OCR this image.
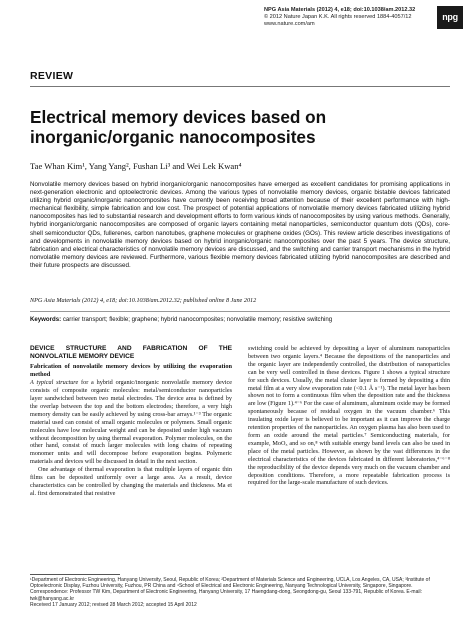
NPG Asia Materials (2012) 4, e18; doi:10.1038/am.2012.32
© 2012 Nature Japan K.K. All rights reserved 1884-4057/12
www.nature.com/am
npg
REVIEW
Electrical memory devices based on inorganic/organic nanocomposites
Tae Whan Kim¹, Yang Yang², Fushan Li³ and Wei Lek Kwan⁴
Nonvolatile memory devices based on hybrid inorganic/organic nanocomposites have emerged as excellent candidates for promising applications in next-generation electronic and optoelectronic devices. Among the various types of nonvolatile memory devices, organic bistable devices fabricated utilizing hybrid organic/inorganic nanocomposites have currently been receiving broad attention because of their excellent performance with high-mechanical flexibility, simple fabrication and low cost. The prospect of potential applications of nonvolatile memory devices fabricated utilizing hybrid nanocomposites has led to substantial research and development efforts to form various kinds of nanocomposites by using various methods. Generally, hybrid inorganic/organic nanocomposites are composed of organic layers containing metal nanoparticles, semiconductor quantum dots (QDs), core-shell semiconductor QDs, fullerenes, carbon nanotubes, graphene molecules or graphene oxides (GOs). This review article describes investigations of and developments in nonvolatile memory devices based on hybrid inorganic/organic nanocomposites over the past 5 years. The device structure, fabrication and electrical characteristics of nonvolatile memory devices are discussed, and the switching and carrier transport mechanisms in the hybrid nonvolatile memory devices are reviewed. Furthermore, various flexible memory devices fabricated utilizing hybrid nanocomposites are described and their future prospects are discussed.
NPG Asia Materials (2012) 4, e18; doi:10.1038/am.2012.32; published online 8 June 2012
Keywords: carrier transport; flexible; graphene; hybrid nanocomposites; nonvolatile memory; resistive switching
DEVICE STRUCTURE AND FABRICATION OF THE NONVOLATILE MEMORY DEVICE
Fabrication of nonvolatile memory devices by utilizing the evaporation method

A typical structure for a hybrid organic/inorganic nonvolatile memory device consists of composite organic molecules: metal/semiconductor nanoparticles layer sandwiched between two metal electrodes. The device area is defined by the overlap between the top and the bottom electrodes; therefore, a very high memory density can be easily achieved by using cross-bar arrays.¹⁻³ The organic material used can consist of small organic molecules or polymers. Small organic molecules have low molecular weight and can be deposited under high vacuum without decomposition by using thermal evaporation. Polymer molecules, on the other hand, consist of much larger molecules with long chains of repeating monomer units and will decompose before evaporation begins. Polymeric materials and devices will be discussed in detail in the next section.

One advantage of thermal evaporation is that multiple layers of organic thin films can be deposited uniformly over a large area. As a result, device characteristics can be controlled by changing the materials and thickness. Ma et al. first demonstrated that resistive

switching could be achieved by depositing a layer of aluminum nanoparticles between two organic layers.⁴ Because the depositions of the nanoparticles and the organic layer are independently controlled, the distribution of nanoparticles can be very well controlled in these devices. Figure 1 shows a typical structure for such devices. Usually, the metal cluster layer is formed by depositing a thin metal film at a very slow evaporation rate (<0.1 Å s⁻¹). The metal layer has been shown not to form a continuous film when the deposition rate and the thickness are low (Figure 1).⁴⁻⁶ For the case of aluminum, aluminum oxide may be formed spontaneously because of residual oxygen in the vacuum chamber.⁶ This insulating oxide layer is believed to be important as it can improve the charge retention properties of the nanoparticles. An oxygen plasma has also been used to form an oxide around the metal particles.⁷ Semiconducting materials, for example, MoO₃ and so on,⁸ with suitable energy band levels can also be used in place of the metal particles. However, as shown by the vast differences in the electrical characteristics of the devices fabricated in different laboratories,⁴⁻⁶⁻⁸ the reproducibility of the device depends very much on the vacuum chamber and deposition conditions. Therefore, a more repeatable fabrication process is required for the large-scale manufacture of such devices.

¹Department of Electronic Engineering, Hanyang University, Seoul, Republic of Korea; ²Department of Materials Science and Engineering, UCLA, Los Angeles, CA, USA; ³Institute of Optoelectronic Display, Fuzhou University, Fuzhou, PR China and ⁴School of Electrical and Electronic Engineering, Nanyang Technological University, Singapore, Singapore. Correspondence: Professor TW Kim, Department of Electronic Engineering, Hanyang University, 17 Haengdang-dong, Seongdong-gu, Seoul 133-791, Republic of Korea. E-mail: twk@hanyang.ac.kr
Received 17 January 2012; revised 28 March 2012; accepted 15 April 2012
